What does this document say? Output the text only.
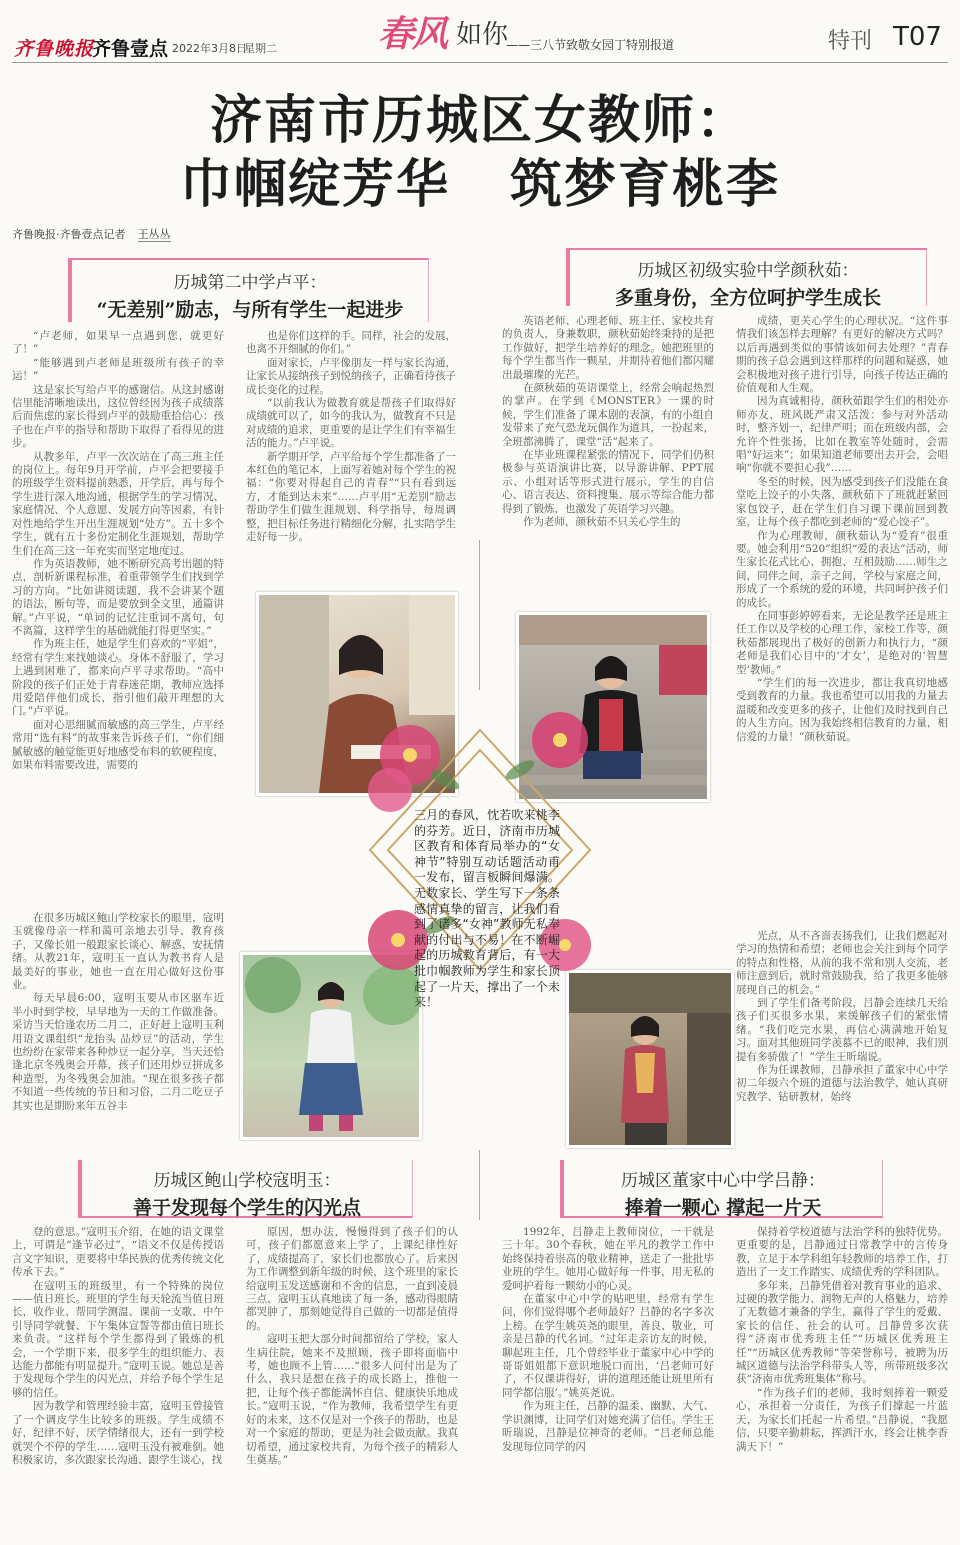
齐鲁晚报
齐鲁壹点 2022年3月8日
星期二	春风 如你
——三八节致敬女园丁特别报道	特刊 T07
济南市历城区女教师：
巾帼绽芳华 筑梦育桃李
齐鲁晚报·齐鲁壹点记者 王丛丛
历城第二中学卢平：
“无差别”励志，与所有学生一起进步
历城区初级实验中学颜秋茹：
多重身份，全方位呵护学生成长

“卢老师，如果早一点遇到您，就更好了！”

“能够遇到卢老师是班级所有孩子的幸运！”

这是家长写给卢平的感谢信。从这封感谢信里能清晰地读出，这位曾经因为孩子成绩落后而焦虑的家长得到卢平的鼓励重拾信心：孩子也在卢平的指导和帮助下取得了看得见的进步。

从教多年，卢平一次次站在了高三班主任的岗位上。每年9月开学前，卢平会把要接手的班级学生资料提前熟悉，开学后，再与每个学生进行深入地沟通，根据学生的学习情况、家庭情况、个人意愿、发展方向等因素，有针对性地给学生开出生涯规划“处方”。五十多个学生，就有五十多份定制化生涯规划，帮助学生们在高三这一年充实而坚定地度过。

作为英语教师，她不断研究高考出题的特点，剖析新课程标准，着重带领学生们找到学习的方向。“比如讲阅读题，我不会讲某个题的语法，断句等，而是要放到全文里，通篇讲解。”卢平说，“单词的记忆注重词不离句，句不离篇，这样学生的基础就能打得更坚实。”

作为班主任，她是学生们喜欢的“平姐”，经常有学生来找她谈心。身体不舒服了，学习上遇到困难了，都来向卢平寻求帮助。“高中阶段的孩子们正处于青春迷茫期，教师应选择用爱陪伴他们成长，指引他们敲开理想的大门。”卢平说。

面对心思细腻而敏感的高三学生，卢平经常用“选有料”的故事来告诉孩子们，“你们细腻敏感的触觉能更好地感受布料的软硬程度，如果布料需要改进，需要的

也是你们这样的手。同样，社会的发展，也离不开细腻的你们。”

面对家长，卢平像朋友一样与家长沟通，让家长从接纳孩子到悦纳孩子，正确看待孩子成长变化的过程。

“以前我认为做教育就是帮孩子们取得好成绩就可以了，如今的我认为，做教育不只是对成绩的追求，更重要的是让学生们有幸福生活的能力。”卢平说。

新学期开学，卢平给每个学生都准备了一本红色的笔记本，上面写着她对每个学生的祝福：“你要对得起自己的青春”“只有看到远方，才能到达未来”……卢平用“无差别”励志帮助学生们做生涯规划、科学指导，每周调整，把目标任务进行精细化分解，扎实陪学生走好每一步。

英语老师、心理老师、班主任、家校共育的负责人，身兼数职，颜秋茹始终秉持的是把工作做好，把学生培养好的理念。她把班里的每个学生都当作一颗星，并期待着他们都闪耀出最璀璨的光芒。

在颜秋茹的英语课堂上，经常会响起热烈的掌声。在学到《MONSTER》一课的时候，学生们准备了课本剧的表演，有的小组自发带来了充气恐龙玩偶作为道具，一扮起来，全班都沸腾了，课堂“活”起来了。

在毕业班课程紧张的情况下，同学们仍积极参与英语演讲比赛，以导游讲解、PPT展示、小组对话等形式进行展示，学生的自信心、语言表达、资料搜集、展示等综合能力都得到了锻炼，也激发了英语学习兴趣。

作为老师，颜秋茹不只关心学生的

成绩，更关心学生的心理状况。“这件事情我们该怎样去理解？有更好的解决方式吗？以后再遇到类似的事情该如何去处理？”青春期的孩子总会遇到这样那样的问题和疑惑，她会积极地对孩子进行引导，向孩子传达正确的价值观和人生观。

因为真诚相待，颜秋茹跟学生们的相处亦师亦友，班风既严肃又活泼：参与对外活动时，整齐划一，纪律严明；而在班级内部，会允许个性张扬，比如在教室等处随时，会需唱“好运来”；如果知道老师要出去开会，会唱响“你就不要担心我”……

冬至的时候，因为感受到孩子们没能在食堂吃上饺子的小失落，颜秋茹下了班就赶紧回家包饺子，赶在学生们自习课下课前回到教室，让每个孩子都吃到老师的“爱心饺子”。

作为心理教师，颜秋茹认为“爱育”很重要。她会利用“520”组织“爱的表达”活动，师生家长花式比心、拥抱、互相鼓励……师生之间，同伴之间，亲子之间，学校与家庭之间，形成了一个系统的爱的环境，共同呵护孩子们的成长。

在同事彭婷婷看来，无论是教学还是班主任工作以及学校的心理工作，家校工作等，颜秋茹都展现出了极好的创新力和执行力，“颜老师是我们心目中的‘才女’，是绝对的‘智慧型’教师。”

“学生们的每一次进步，都让我真切地感受到教育的力量。我也希望可以用我的力量去温暖和改变更多的孩子，让他们及时找到自己的人生方向。因为我始终相信教育的力量，相信爱的力量！”颜秋茹说。

三月的春风，忱若吹来桃李的芬芳。近日，济南市历城区教育和体育局举办的“女神节”特别互动话题活动甫一发布，留言板瞬间爆满。无数家长、学生写下一条条感情真挚的留言，让我们看到了诸多“女神”教师无私奉献的付出与不易！在不断崛起的历城教育背后，有一大批巾帼教师为学生和家长顶起了一片天，撑出了一个未来！

在很多历城区鲍山学校家长的眼里，寇明玉就像母亲一样和蔼可亲地去引导、教育孩子，又像长姐一般跟家长谈心、解惑、安抚情绪。从教21年，寇明玉一直认为教书育人是最美好的事业，她也一直在用心做好这份事业。

每天早晨6:00，寇明玉要从市区驱车近半小时到学校，早早地为一天的工作做准备。采访当天恰逢农历二月二，正好赶上寇明玉利用语文课组织“龙抬头 品炒豆”的活动，学生也纷纷在家带来各种炒豆一起分享，当天还恰逢北京冬残奥会开幕，孩子们还用炒豆拼成多种造型，为冬残奥会加油。“现在很多孩子都不知道一些传统的节日和习俗，二月二吃豆子其实也是期盼来年五谷丰

光点，从不吝啬表扬我们，让我们燃起对学习的热情和希望；老师也会关注到每个同学的特点和性格，从前的我不常和别人交流，老师注意到后，就时常鼓励我，给了我更多能够展现自己的机会。”

到了学生们备考阶段，吕静会连续几天给孩子们买很多水果，来缓解孩子们的紧张情绪。“我们吃完水果，再信心满满地开始复习。面对其他班同学羡慕不已的眼神，我们别提有多骄傲了！”学生王昕瑞说。

作为任课教师，吕静承担了董家中心中学初二年级六个班的道德与法治教学，她认真研究教学、钻研教材，始终

历城区鲍山学校寇明玉：
善于发现每个学生的闪光点
历城区董家中心中学吕静：
捧着一颗心 撑起一片天

登的意思。”寇明玉介绍，在她的语文课堂上，可谓是“逢节必过”，“语文不仅是传授语言文字知识，更要将中华民族的优秀传统文化传承下去。”

在寇明玉的班级里，有一个特殊的岗位——值日班长。班里的学生每天轮流当值日班长，收作业、帮同学测温、课前一支歌、中午引导同学就餐、下午集体宣誓等都由值日班长来负责。“这样每个学生都得到了锻炼的机会，一个学期下来，很多学生的组织能力、表达能力都能有明显提升。”寇明玉说。她总是善于发现每个学生的闪光点，并给予每个学生足够的信任。

因为教学和管理经验丰富，寇明玉曾接管了一个调皮学生比较多的班级。学生成绩不好，纪律不好，厌学情绪很大，还有一到学校就哭个不停的学生……寇明玉没有被难倒。她积极家访，多次跟家长沟通、跟学生谈心，找

原因，想办法，慢慢得到了孩子们的认可，孩子们都愿意来上学了，上课纪律性好了，成绩提高了，家长们也都放心了。后来因为工作调整到新年级的时候，这个班里的家长给寇明玉发送感谢和不舍的信息，一直到凌晨三点，寇明玉认真地读了每一条，感动得眼睛都哭肿了，那刻她觉得自己做的一切都是值得的。

寇明玉把大部分时间都留给了学校，家人生病住院，她来不及照顾，孩子即将面临中考，她也顾不上管……“很多人问付出是为了什么，我只是想在孩子的成长路上，推他一把，让每个孩子都能满怀自信、健康快乐地成长。”寇明玉说，“作为教师，我希望学生有更好的未来，这不仅是对一个孩子的帮助，也是对一个家庭的帮助，更是为社会做贡献。我真切希望，通过家校共育，为每个孩子的精彩人生奠基。”

1992年，吕静走上教师岗位，一干就是三十年。30个春秋，她在平凡的教学工作中始终保持着崇高的敬业精神，送走了一批批毕业班的学生。她用心做好每一件事，用无私的爱呵护着每一颗幼小的心灵。

在董家中心中学的贴吧里，经常有学生问，你们觉得哪个老师最好？吕静的名字多次上榜。在学生姚英尧的眼里，善良、敬业，可亲是吕静的代名词。“过年走亲访友的时候，聊起班主任，几个曾经毕业于董家中心中学的哥哥姐姐都下意识地脱口而出，‘吕老师可好了，不仅课讲得好，讲的道理还能让班里所有同学都信服’。”姚英尧说。

作为班主任，吕静的温柔、幽默、大气、学识渊博，让同学们对她充满了信任。学生王昕瑞说，吕静是位神奇的老师。“吕老师总能发现每位同学的闪

保持着学校道德与法治学科的独特优势。更重要的是，吕静通过日常教学中的言传身教，立足于本学科组年轻教师的培养工作，打造出了一支工作踏实、成绩优秀的学科团队。

多年来，吕静凭借着对教育事业的追求、过硬的教学能力、润物无声的人格魅力，培养了无数德才兼备的学生，赢得了学生的爱戴、家长的信任、社会的认可。吕静曾多次获得“济南市优秀班主任”“历城区优秀班主任”“历城区优秀教师”等荣誉称号，被聘为历城区道德与法治学科带头人等，所带班级多次获“济南市优秀班集体”称号。

“作为孩子们的老师，我时刻捧着一颗爱心，承担着一分责任，为孩子们撑起一片蓝天，为家长们托起一片希望。”吕静说，“我愿信，只要辛勤耕耘，挥洒汗水，终会让桃李香满天下！”
